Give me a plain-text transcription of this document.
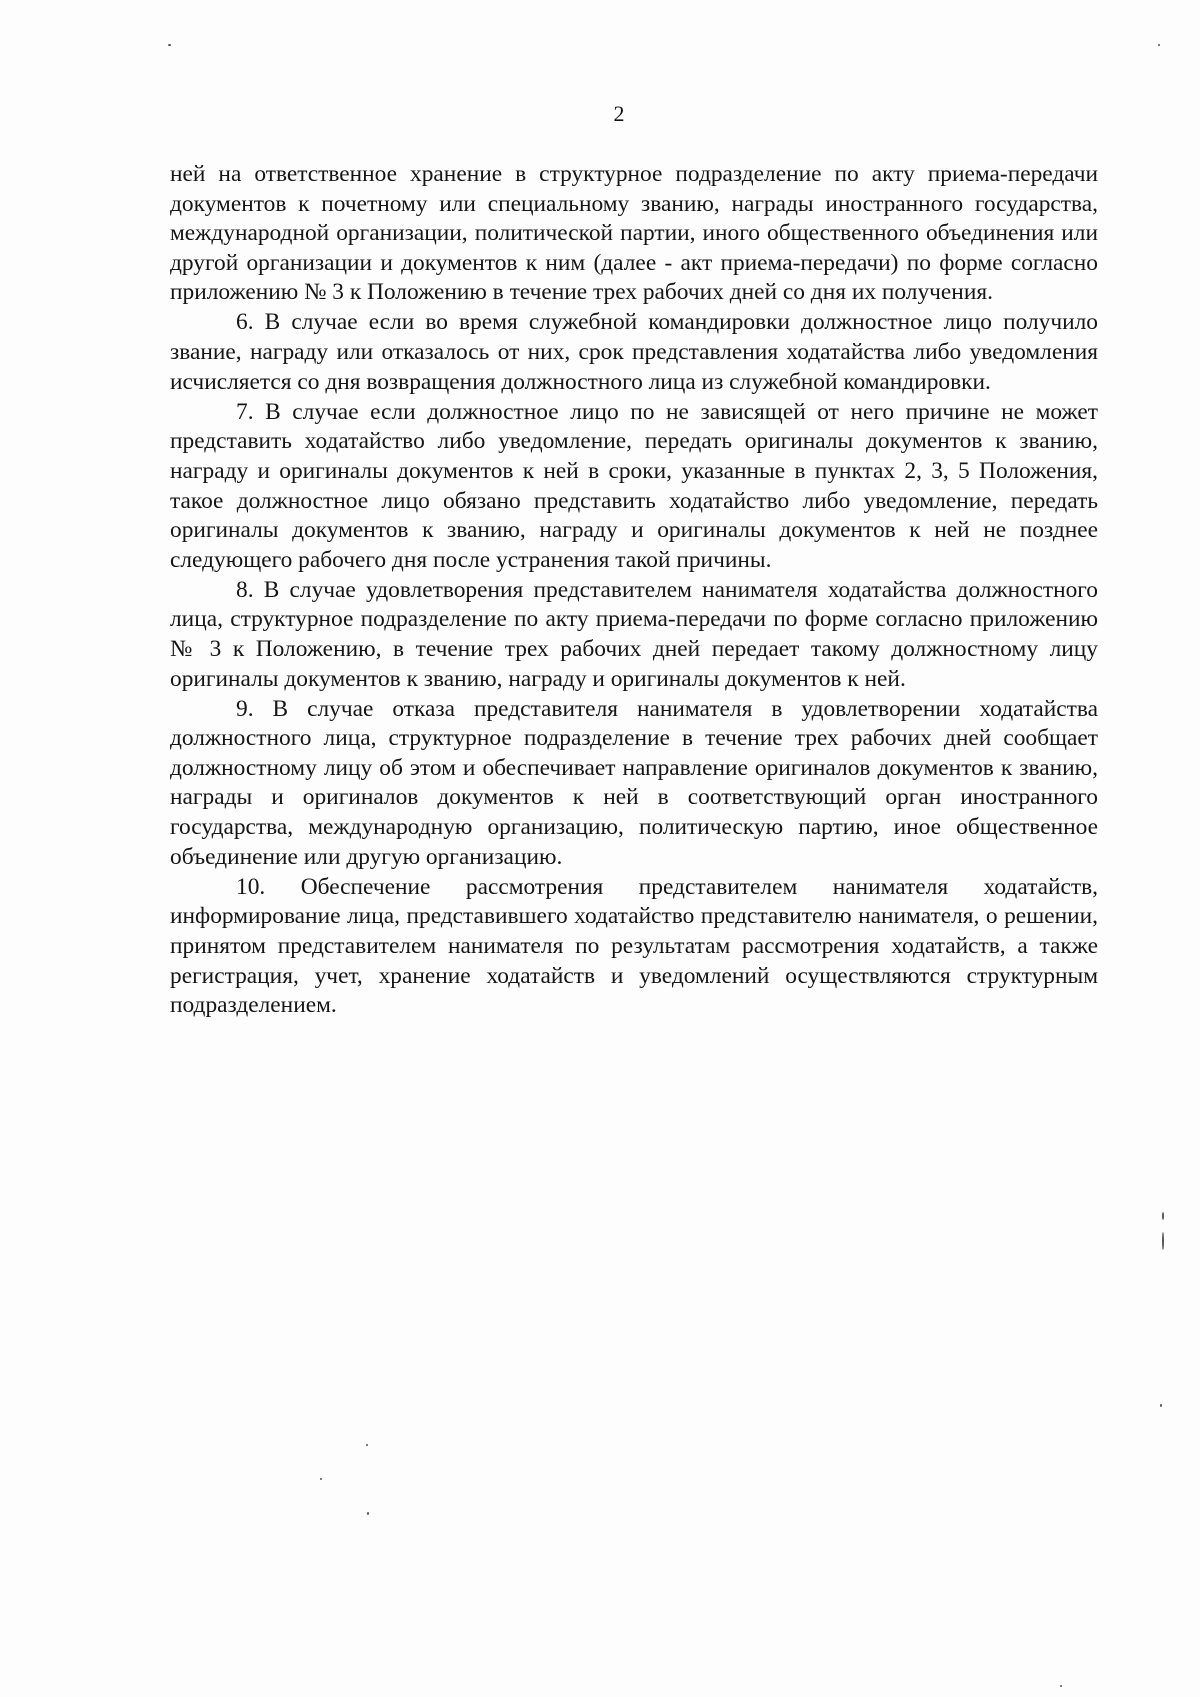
2

ней на ответственное хранение в структурное подразделение по акту приема-передачи документов к почетному или специальному званию, награды иностранного государства, международной организации, политической партии, иного общественного объединения или другой организации и документов к ним (далее - акт приема-передачи) по форме согласно приложению № 3 к Положению в течение трех рабочих дней со дня их получения.

6. В случае если во время служебной командировки должностное лицо получило звание, награду или отказалось от них, срок представления ходатайства либо уведомления исчисляется со дня возвращения должностного лица из служебной командировки.

7. В случае если должностное лицо по не зависящей от него причине не может представить ходатайство либо уведомление, передать оригиналы документов к званию, награду и оригиналы документов к ней в сроки, указанные в пунктах 2, 3, 5 Положения, такое должностное лицо обязано представить ходатайство либо уведомление, передать оригиналы документов к званию, награду и оригиналы документов к ней не позднее следующего рабочего дня после устранения такой причины.

8. В случае удовлетворения представителем нанимателя ходатайства должностного лица, структурное подразделение по акту приема-передачи по форме согласно приложению № 3 к Положению, в течение трех рабочих дней передает такому должностному лицу оригиналы документов к званию, награду и оригиналы документов к ней.

9. В случае отказа представителя нанимателя в удовлетворении ходатайства должностного лица, структурное подразделение в течение трех рабочих дней сообщает должностному лицу об этом и обеспечивает направление оригиналов документов к званию, награды и оригиналов документов к ней в соответствующий орган иностранного государства, международную организацию, политическую партию, иное общественное объединение или другую организацию.

10. Обеспечение рассмотрения представителем нанимателя ходатайств, информирование лица, представившего ходатайство представителю нанимателя, о решении, принятом представителем нанимателя по результатам рассмотрения ходатайств, а также регистрация, учет, хранение ходатайств и уведомлений осуществляются структурным подразделением.
